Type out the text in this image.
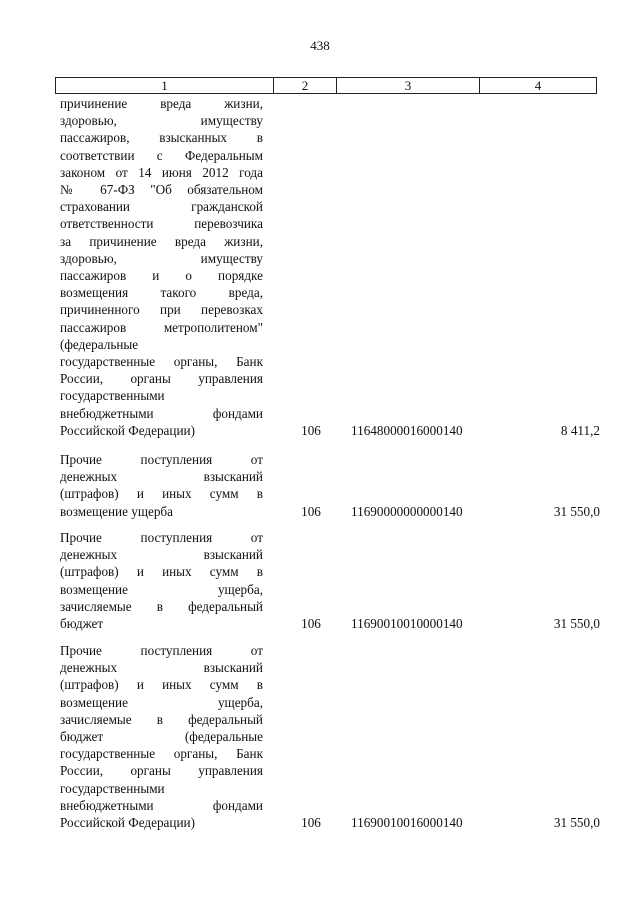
438
1	2	3	4
причинение вреда жизни,
здоровью, имуществу
пассажиров, взысканных в
соответствии с Федеральным
законом от 14 июня 2012 года
№ 67-ФЗ "Об обязательном
страховании гражданской
ответственности перевозчика
за причинение вреда жизни,
здоровью, имуществу
пассажиров и о порядке
возмещения такого вреда,
причиненного при перевозках
пассажиров метрополитеном"
(федеральные
государственные органы, Банк
России, органы управления
государственными
внебюджетными фондами
Российской Федерации)	106	11648000016000140	8 411,2
Прочие поступления от
денежных взысканий
(штрафов) и иных сумм в
возмещение ущерба	106	11690000000000140	31 550,0
Прочие поступления от
денежных взысканий
(штрафов) и иных сумм в
возмещение ущерба,
зачисляемые в федеральный
бюджет	106	11690010010000140	31 550,0
Прочие поступления от
денежных взысканий
(штрафов) и иных сумм в
возмещение ущерба,
зачисляемые в федеральный
бюджет (федеральные
государственные органы, Банк
России, органы управления
государственными
внебюджетными фондами
Российской Федерации)	106	11690010016000140	31 550,0
